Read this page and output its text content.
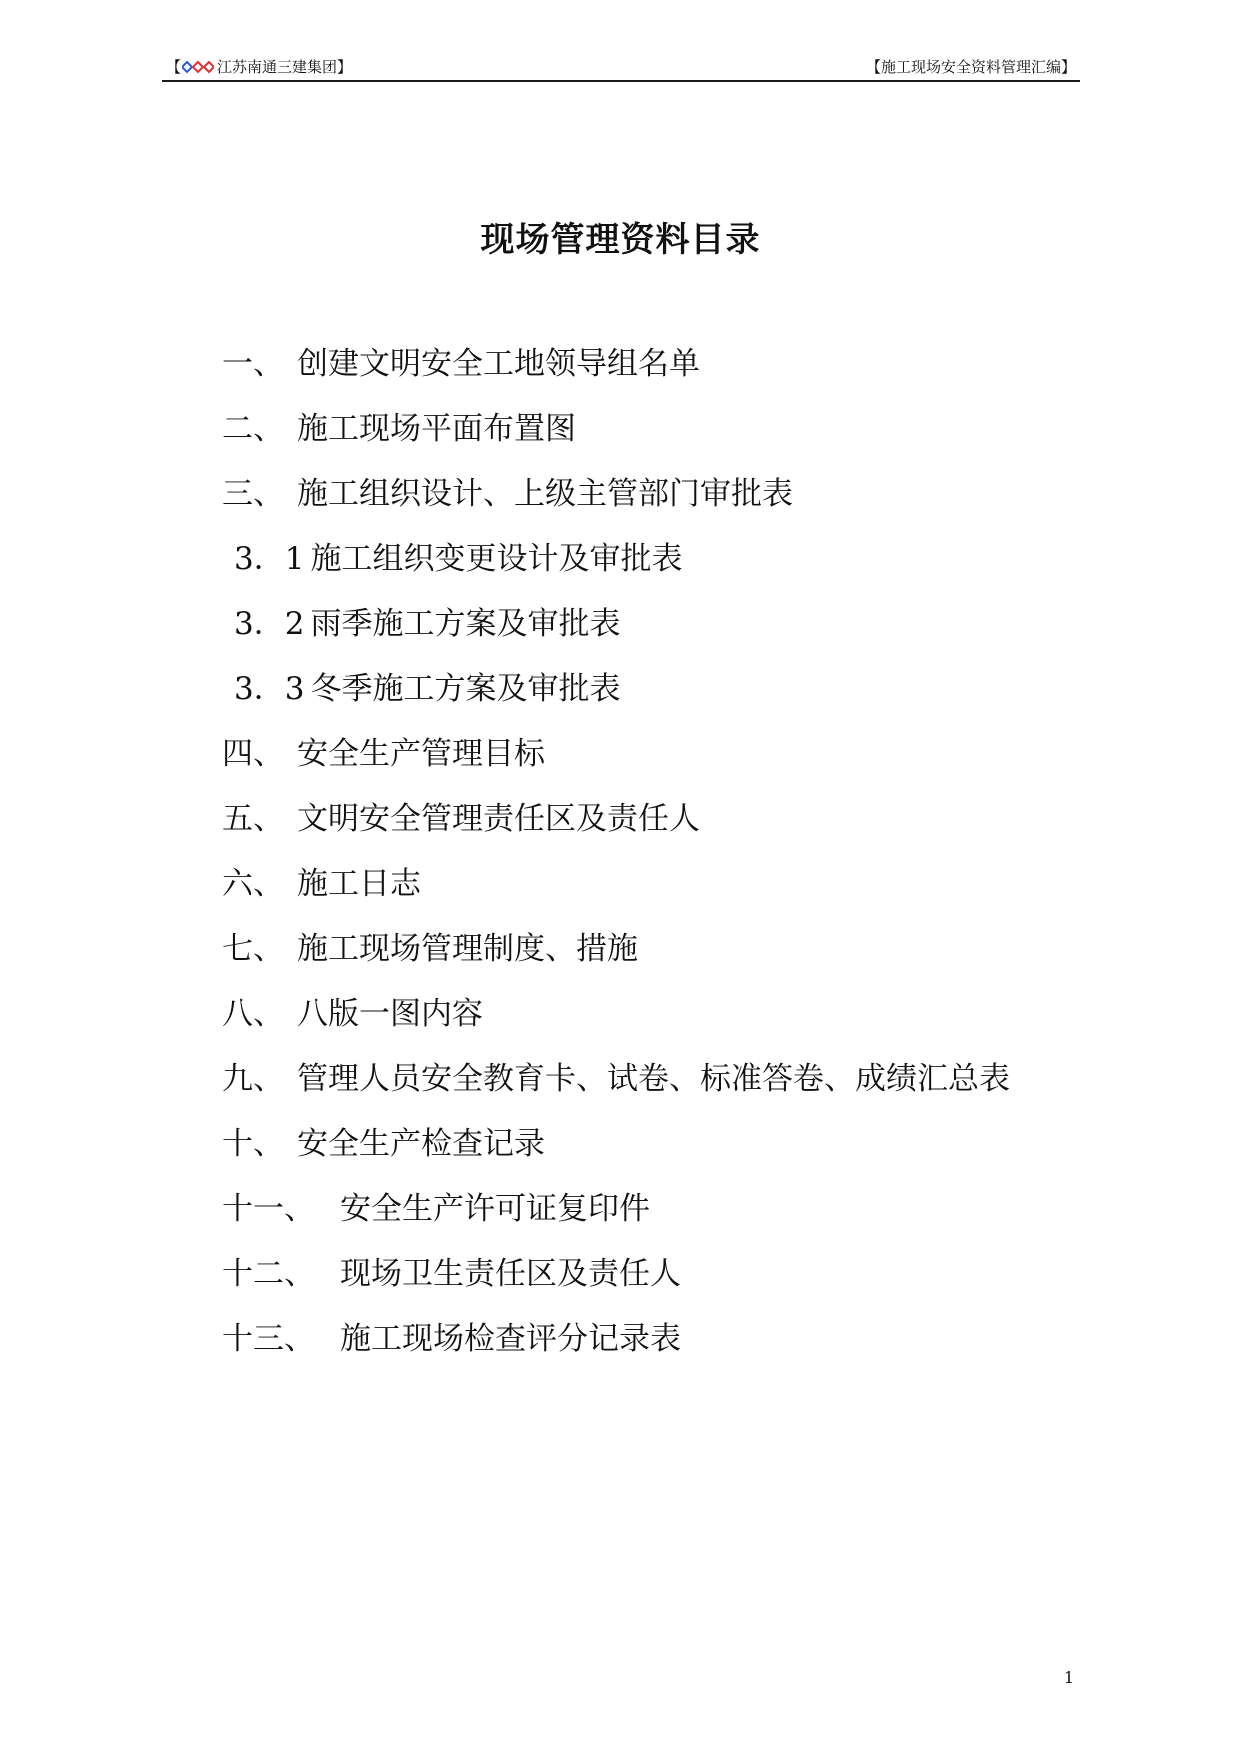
【 江苏南通三建集团】	【施工现场安全资料管理汇编】
现场管理资料目录
一、 创建文明安全工地领导组名单
二、 施工现场平面布置图
三、 施工组织设计、上级主管部门审批表
3．1 施工组织变更设计及审批表
3．2 雨季施工方案及审批表
3．3 冬季施工方案及审批表
四、 安全生产管理目标
五、 文明安全管理责任区及责任人
六、 施工日志
七、 施工现场管理制度、措施
八、 八版一图内容
九、 管理人员安全教育卡、试卷、标准答卷、成绩汇总表
十、 安全生产检查记录
十一、 安全生产许可证复印件
十二、 现场卫生责任区及责任人
十三、 施工现场检查评分记录表
1
